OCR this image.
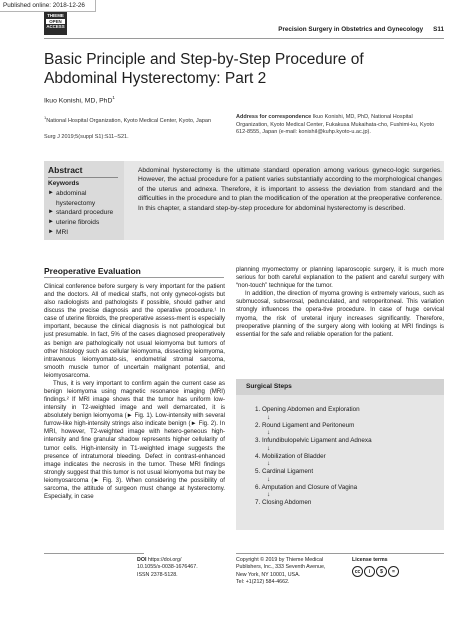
Published online: 2018-12-26
THIEME
OPEN
ACCESS	Precision Surgery in Obstetrics and Gynecology S11
Basic Principle and Step-by-Step Procedure of
Abdominal Hysterectomy: Part 2
Ikuo Konishi, MD, PhD$^1$
$^1$National Hospital Organization, Kyoto Medical Center, Kyoto, Japan
Surg J 2019;5(suppl S1):S11–S21.
Address for correspondence Ikuo Konishi, MD, PhD, National Hospital Organization, Kyoto Medical Center, Fukakusa Mukaihata-cho, Fushimi-ku, Kyoto 612-8555, Japan (e-mail: konishiI@kuhp.kyoto-u.ac.jp).
Abstract
Keywords
► abdominal hysterectomy
► standard procedure
► uterine fibroids
► MRI
Abdominal hysterectomy is the ultimate standard operation among various gyneco-logic surgeries. However, the actual procedure for a patient varies substantially according to the morphological changes of the uterus and adnexa. Therefore, it is important to assess the deviation from standard and the difficulties in the procedure and to plan the modification of the operation at the preoperative conference. In this chapter, a standard step-by-step procedure for abdominal hysterectomy is described.
Preoperative Evaluation

Clinical conference before surgery is very important for the patient and the doctors. All of medical staffs, not only gynecol-ogists but also radiologists and pathologists if possible, should gather and discuss the precise diagnosis and the operative procedure.¹ In case of uterine fibroids, the preoperative assess-ment is especially important, because the clinical diagnosis is not pathological but just presumable. In fact, 5% of the cases diagnosed preoperatively as benign are pathologically not usual leiomyoma but tumors of other histology such as cellular leiomyoma, dissecting leiomyoma, intravenous leiomyomato-sis, endometrial stromal sarcoma, smooth muscle tumor of uncertain malignant potential, and leiomyosarcoma.

Thus, it is very important to confirm again the current case as benign leiomyoma using magnetic resonance imaging (MRI) findings.² If MRI image shows that the tumor has uniform low-intensity in T2-weighted image and well demarcated, it is absolutely benign leiomyoma (► Fig. 1). Low-intensity with several furrow-like high-intensity strings also indicate benign (► Fig. 2). In MRI, however, T2-weighted image with hetero-geneous high-intensity and fine granular shadow represents higher cellularity of tumor cells. High-intensity in T1-weighted image suggests the presence of intratumoral bleeding. Defect in contrast-enhanced image indicates the necrosis in the tumor. These MRI findings strongly suggest that this tumor is not usual leiomyoma but may be leiomyosarcoma (► Fig. 3). When considering the possibility of sarcoma, the attitude of surgeon must change at hysterectomy. Especially, in case

planning myomectomy or planning laparoscopic surgery, it is much more serious for both careful explanation to the patient and careful surgery with “non-touch” technique for the tumor.

In addition, the direction of myoma growing is extremely various, such as submucosal, subserosal, pedunculated, and retroperitoneal. This variation strongly influences the opera-tive procedure. In case of huge cervical myoma, the risk of ureteral injury increases significantly. Therefore, preoperative planning of the surgery along with looking at MRI findings is essential for the safe and reliable operation for the patient.

Surgical Steps
1. Opening Abdomen and Exploration
↓
2. Round Ligament and Peritoneum
↓
3. Infundibulopelvic Ligament and Adnexa
↓
4. Mobilization of Bladder
↓
5. Cardinal Ligament
↓
6. Amputation and Closure of Vagina
↓
7. Closing Abdomen
DOI https://doi.org/
10.1055/s-0038-1676467.
ISSN 2378-5128.
Copyright © 2019 by Thieme Medical
Publishers, Inc., 333 Seventh Avenue,
New York, NY 10001, USA.
Tel: +1(212) 584-4662.
License terms
cc	i	$	=
